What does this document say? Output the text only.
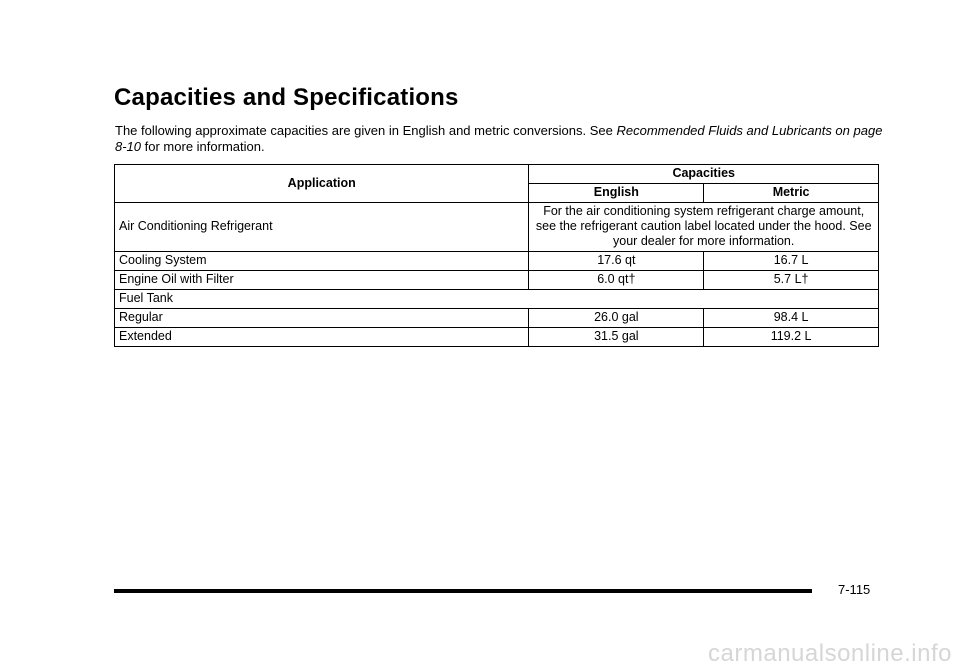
Capacities and Specifications

The following approximate capacities are given in English and metric conversions. See Recommended Fluids and Lubricants on page 8-10 for more information.

Application	Capacities	
	English	Metric
Air Conditioning Refrigerant	For the air conditioning system refrigerant charge amount, see the refrigerant caution label located under the hood. See your dealer for more information.	
Cooling System	17.6 qt	16.7 L
Engine Oil with Filter	6.0 qt†	5.7 L†
Fuel Tank		
Regular	26.0 gal	98.4 L
Extended	31.5 gal	119.2 L
7-115
carmanualsonline.info
